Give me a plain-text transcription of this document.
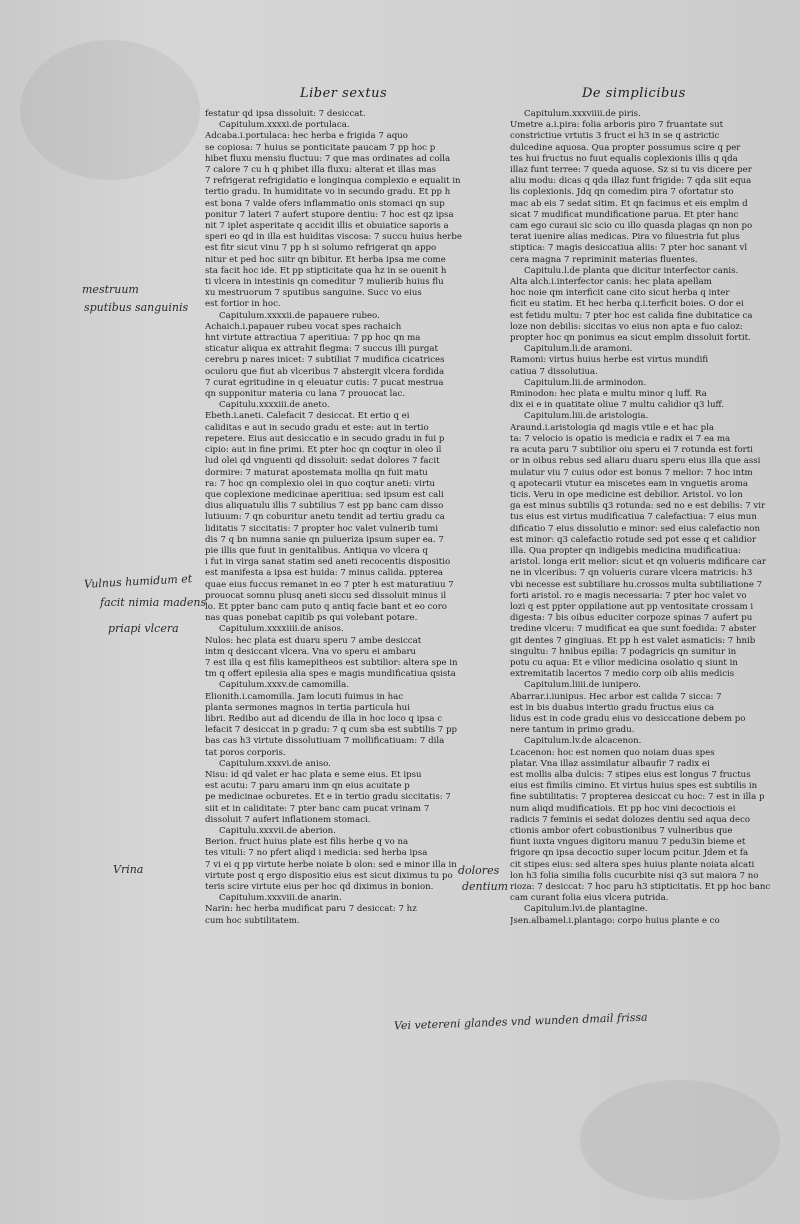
Liber sextus	De simplicibus
festatur qd ipsa dissoluit: 7 desiccat.
Capitulum.xxxxi.de portulaca.
Adcaba.i.portulaca: hec herba e frigida 7 aquo
se copiosa: 7 huius se ponticitate paucam 7 pp hoc p
hibet fluxu mensiu fluctuu: 7 que mas ordinates ad colla
7 calore 7 cu h q phibet illa fluxu: alterat et illas mas
7 refrigerat refrigidatio e longinqua complexio e equalit in
tertio gradu. In humiditate vo in secundo gradu. Et pp h
est bona 7 valde ofers inflammatio onis stomaci qn sup
ponitur 7 lateri 7 aufert stupore dentiu: 7 hoc est qz ipsa
nit 7 iplet asperitate q accidit illis et obuiatice saporis a
speri eo qd in illa est huiditas viscosa: 7 succu huius herbe
est fitr sicut vinu 7 pp h si solumo refrigerat qn appo
nitur et ped hoc siitr qn bibitur. Et herba ipsa me come
sta facit hoc ide. Et pp stipticitate qua hz in se ouenit h
ti vlcera in intestinis qn comeditur 7 mulierib huius flu
xu mestruorum 7 sputibus sanguine. Succ vo eius
est fortior in hoc.
Capitulum.xxxxii.de papauere rubeo.
Achaich.i.papauer rubeu vocat spes rachaich
hnt virtute attractiua 7 aperitiua: 7 pp hoc qn ma
sticatur aliqua ex attrahit flegma: 7 succus illi purgat
cerebru p nares inicet: 7 subtiliat 7 mudifica cicatrices
oculoru que fiut ab vlceribus 7 abstergit vlcera fordida
7 curat egritudine in q eleuatur cutis: 7 pucat mestrua
qn supponitur materia cu lana 7 prouocat lac.
Capitulu.xxxxiii.de aneto.
Ebeth.i.aneti. Calefacit 7 desiccat. Et ertio q ei
caliditas e aut in secudo gradu et este: aut in tertio
repetere. Eius aut desiccatio e in secudo gradu in fui p
cipio: aut in fine primi. Et pter hoc qn coqtur in oleo il
lud olei qd vnguenti qd dissoluit: sedat dolores 7 facit
dormire: 7 maturat apostemata mollia qn fuit matu
ra: 7 hoc qn complexio olei in quo coqtur aneti: virtu
que coplexione medicinae aperitiua: sed ipsum est cali
dius aliquatulu illis 7 subtilius 7 est pp banc cam disso
lutiuum: 7 qn coburitur anetu tendit ad tertiu gradu ca
liditatis 7 siccitatis: 7 propter hoc valet vulnerib tumi
dis 7 q bn numna sanie qn pulueriza ipsum super ea. 7
pie illis que fuut in genitalibus. Antiqua vo vlcera q
i fut in virga sanat statim sed aneti recocentis dispositio
est manifesta a ipsa est huida: 7 minus calida. ppterea
quae eius fuccus remanet in eo 7 pter h est maturatiuu 7
prouocat somnu plusq aneti siccu sed dissoluit minus il
lo. Et ppter banc cam puto q antiq facie bant et eo coro
nas quas ponebat capitib ps qui volebant potare.
Capitulum.xxxxiiii.de anisos.
Nulos: hec plata est duaru speru 7 ambe desiccat
intm q desiccant vlcera. Vna vo speru ei ambaru
7 est illa q est filis kamepitheos est subtilior: altera spe in
tm q offert epilesia alia spes e magis mundificatiua qsista
Capitulum.xxxv.de camomilla.
Elionith.i.camomilla. Jam locuti fuimus in hac
planta sermones magnos in tertia particula hui
libri. Redibo aut ad dicendu de illa in hoc loco q ipsa c
lefacit 7 desiccat in p gradu: 7 q cum sba est subtilis 7 pp
bas cas h3 virtute dissolutiuam 7 mollificatiuam: 7 dila
tat poros corporis.
Capitulum.xxxvi.de aniso.
Nisu: id qd valet er hac plata e seme eius. Et ipsu
est acutu: 7 paru amaru inm qn eius acuitate p
pe medicinae ocburetes. Et e in tertio gradu siccitatis: 7
siit et in caliditate: 7 pter banc cam pucat vrinam 7
dissoluit 7 aufert inflationem stomaci.
Capitulu.xxxvii.de aberion.
Berion. fruct huius plate est filis herbe q vo na
tes vituli: 7 no pfert aliqd i medicia: sed herba ipsa
7 vi ei q pp virtute herbe noiate b olon: sed e minor illa in
virtute post q ergo dispositio eius est sicut diximus tu po
teris scire virtute eius per hoc qd diximus in bonion.
Capitulum.xxxviii.de anarin.
Narin: hec herba mudificat paru 7 desiccat: 7 hz
cum hoc subtilitatem.
Capitulum.xxxviiii.de piris.
Umetre a.i.pira: folia arboris piro 7 fruantate sut
constrictiue vrtutis 3 fruct ei h3 in se q astrictic
dulcedine aquosa. Qua propter possumus scire q per
tes hui fructus no fuut equalis coplexionis illis q qda
illaz funt terree: 7 queda aquose. Sz si tu vis dicere per
aliu modu: dicas q qda illaz funt frigide: 7 qda siit equa
lis coplexionis. Jdq qn comedim pira 7 ofortatur sto
mac ab eis 7 sedat sitim. Et qn facimus et eis emplm d
sicat 7 mudificat mundificatione parua. Et pter hanc
cam ego curaui sic scio cu illo quasda plagas qn non po
terat iuenire alias medicas. Pira vo filuestria fut plus
stiptica: 7 magis desiccatiua aliis: 7 pter hoc sanant vl
cera magna 7 repriminit materias fluentes.
Capitulu.l.de planta que dicitur interfector canis.
Alta alch.i.interfector canis: hec plata apellam
hoc noie qm interficit cane cito sicut herba q inter
ficit eu statim. Et hec herba q.i.terficit boies. O dor ei
est fetidu multu: 7 pter hoc est calida fine dubitatice ca
loze non debilis: siccitas vo eius non apta e fuo caloz:
propter hoc qn ponimus ea sicut emplm dissoluit fortit.
Capitulum.li.de aramoni.
Ramoni: virtus huius herbe est virtus mundifi
catiua 7 dissolutiua.
Capitulum.lii.de arminodon.
Rminodon: hec plata e multu minor q luff. Ra
dix ei e in quatitate oliue 7 multu calidior q3 luff.
Capitulum.liii.de aristologia.
Araund.i.aristologia qd magis vtile e et hac pla
ta: 7 velocio is opatio is medicia e radix ei 7 ea ma
ra acuta paru 7 subtilior oiu speru ei 7 rotunda est forti
or in oibus rebus sed aliaru duaru speru eius illa que assi
mulatur viu 7 cuius odor est bonus 7 melior: 7 hoc intm
q apotecarii vtutur ea miscetes eam in vnguetis aroma
ticis. Veru in ope medicine est debilior. Aristol. vo lon
ga est minus subtilis q3 rotunda: sed no e est debilis: 7 vir
tus eius est virtus mudificatiua 7 calefactiua: 7 eius mun
dificatio 7 eius dissolutio e minor: sed eius calefactio non
est minor: q3 calefactio rotude sed pot esse q et calidior
illa. Qua propter qn indigebis medicina mudificatiua:
aristol. longa erit melior: sicut et qn volueris mdificare car
ne in vlceribus: 7 qn volueris curare vlcera matricis: h3
vbi necesse est subtiliare hu.crossos multa subtiliatione 7
forti aristol. ro e magis necessaria: 7 pter hoc valet vo
lozi q est ppter oppilatione aut pp ventositate crossam i
digesta: 7 bis oibus educiter corpoze spinas 7 aufert pu
tredine vlceru: 7 mudificat ea que sunt foedida: 7 abster
git dentes 7 gingiuas. Et pp h est valet asmaticis: 7 hnib
singultu: 7 hnibus epilia: 7 podagricis qn sumitur in
potu cu aqua: Et e vilior medicina osolatio q siunt in
extremitatib lacertos 7 medio corp oib aliis medicis
Capitulum.liiii.de iunipero.
Abarrar.i.iunipus. Hec arbor est calida 7 sicca: 7
est in bis duabus intertio gradu fructus eius ca
lidus est in code gradu eius vo desiccatione debem po
nere tantum in primo gradu.
Capitulum.lv.de alcacenon.
Lcacenon: hoc est nomen quo noiam duas spes
platar. Vna illaz assimilatur albaufir 7 radix ei
est mollis alba dulcis: 7 stipes eius est longus 7 fructus
eius est fimilis cimino. Et virtus huius spes est subtilis in
fine subtilitatis: 7 propterea desiccat cu hoc: 7 est in illa p
num aliqd mudificatiois. Et pp hoc vini decoctiois ei
radicis 7 feminis ei sedat dolozes dentiu sed aqua deco
ctionis ambor ofert cobustionibus 7 vulneribus que
fiunt iuxta vngues digitoru manuu 7 pedu3in bieme et
frigore qn ipsa decoctio super locum pcitur. Jdem et fa
cit stipes eius: sed altera spes huius plante noiata alcati
lon h3 folia similia folis cucurbite nisi q3 sut maiora 7 no
rioza: 7 desiccat: 7 hoc paru h3 stipticitatis. Et pp hoc banc
cam curant folia eius vlcera putrida.
Capitulum.lvi.de plantagine.
Jsen.albamel.i.plantago: corpo huius plante e co
mestruum
sputibus sanguinis
Vulnus humidum et
facit nimia madens
priapi vlcera
Vrina	dolores
dentium
Vei vetereni glandes vnd wunden dmail frissa
